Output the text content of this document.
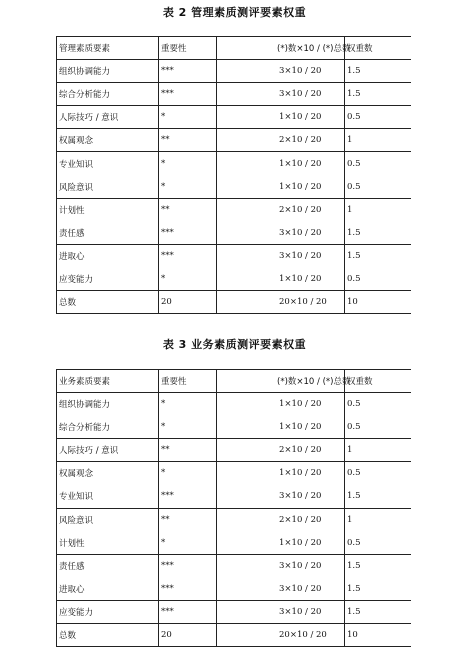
表 2 管理素质测评要素权重
管理素质要素	重要性	(*)数×10 / (*)总数	权重数
组织协调能力	***	3×10 / 20	1.5
综合分析能力	***	3×10 / 20	1.5
人际技巧 / 意识	*	1×10 / 20	0.5
权属观念	**	2×10 / 20	1
专业知识	*	1×10 / 20	0.5
风险意识	*	1×10 / 20	0.5
计划性	**	2×10 / 20	1
责任感	***	3×10 / 20	1.5
进取心	***	3×10 / 20	1.5
应变能力	*	1×10 / 20	0.5
总数	20	20×10 / 20	10
表 3 业务素质测评要素权重
业务素质要素	重要性	(*)数×10 / (*)总数	权重数
组织协调能力	*	1×10 / 20	0.5
综合分析能力	*	1×10 / 20	0.5
人际技巧 / 意识	**	2×10 / 20	1
权属观念	*	1×10 / 20	0.5
专业知识	***	3×10 / 20	1.5
风险意识	**	2×10 / 20	1
计划性	*	1×10 / 20	0.5
责任感	***	3×10 / 20	1.5
进取心	***	3×10 / 20	1.5
应变能力	***	3×10 / 20	1.5
总数	20	20×10 / 20	10
